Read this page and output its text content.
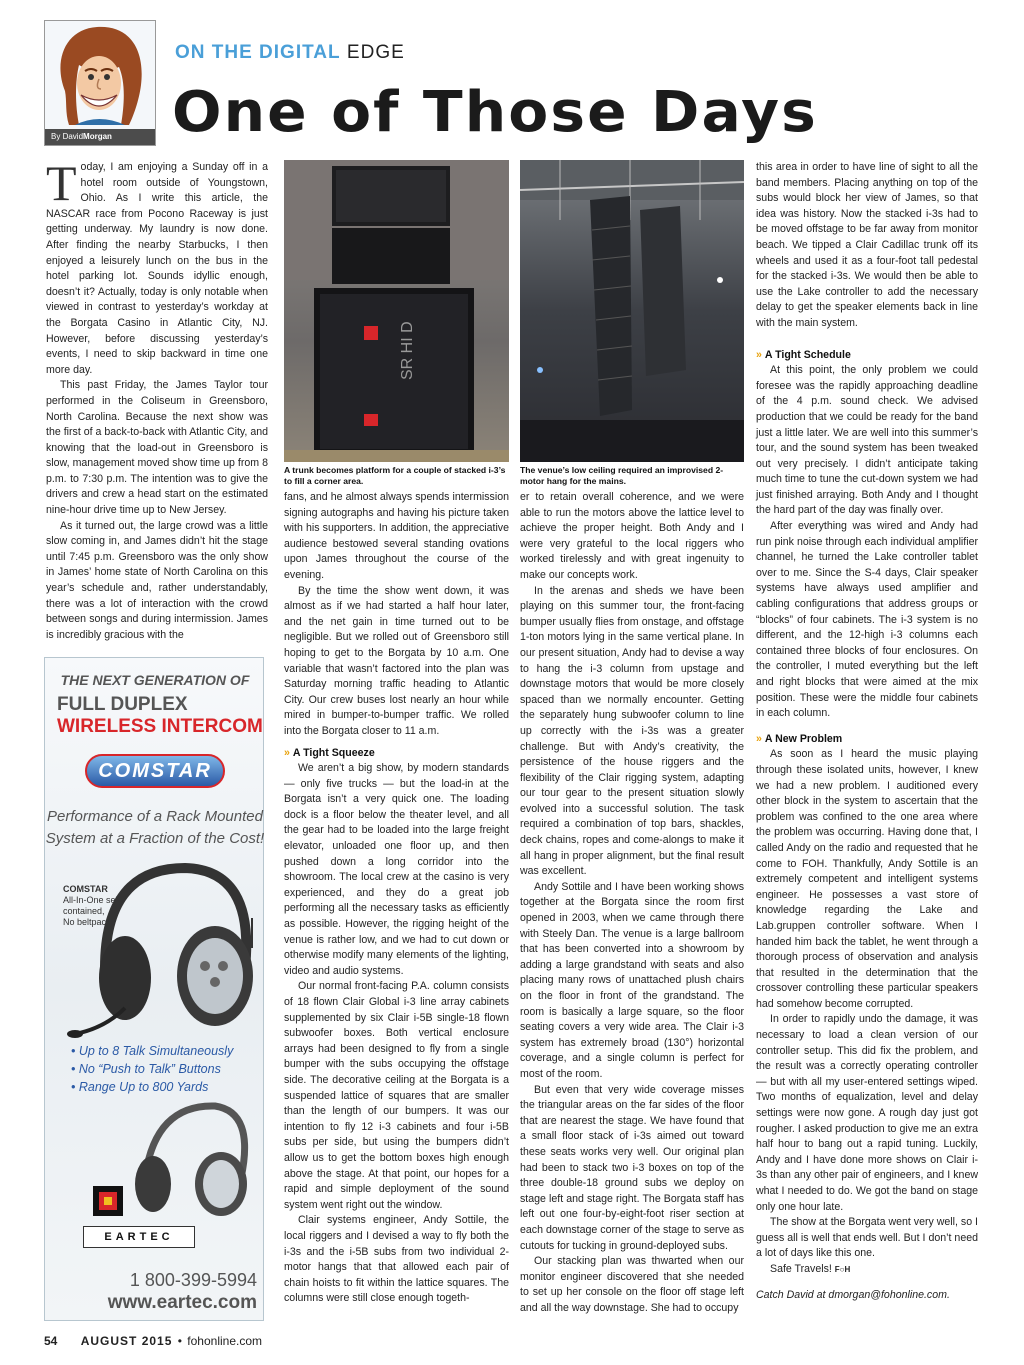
By DavidMorgan
ON THE DIGITAL EDGE
One of Those Days
T oday, I am enjoying a Sunday off in a hotel room outside of Youngstown, Ohio. As I write this article, the NASCAR race from Pocono Raceway is just getting underway. My laundry is now done. After finding the nearby Starbucks, I then enjoyed a leisurely lunch on the bus in the hotel parking lot. Sounds idyllic enough, doesn’t it? Actually, today is only notable when viewed in contrast to yesterday’s workday at the Borgata Casino in Atlantic City, NJ. However, before discussing yesterday’s events, I need to skip backward in time one more day.

This past Friday, the James Taylor tour performed in the Coliseum in Greensboro, North Carolina. Because the next show was the first of a back-to-back with Atlantic City, and knowing that the load-out in Greensboro is slow, management moved show time up from 8 p.m. to 7:30 p.m. The intention was to give the drivers and crew a head start on the estimated nine-hour drive time up to New Jersey.

As it turned out, the large crowd was a little slow coming in, and James didn’t hit the stage until 7:45 p.m. Greensboro was the only show in James’ home state of North Carolina on this year’s schedule and, rather understandably, there was a lot of interaction with the crowd between songs and during intermission. James is incredibly gracious with the

THE NEXT GENERATION OF
FULL DUPLEX
WIRELESS INTERCOM
COMSTAR
Performance of a Rack Mounted
System at a Fraction of the Cost!
COMSTAR
All-In-One self-
contained,
No beltpack!
• Up to 8 Talk Simultaneously
• No “Push to Talk” Buttons
• Range Up to 800 Yards
EARTEC
1 800-399-5994
www.eartec.com
SR HI D
A trunk becomes platform for a couple of stacked i-3’s to fill a corner area.
The venue’s low ceiling required an improvised 2-motor hang for the mains.

fans, and he almost always spends intermission signing autographs and having his picture taken with his supporters. In addition, the appreciative audience bestowed several standing ovations upon James throughout the course of the evening.

By the time the show went down, it was almost as if we had started a half hour later, and the net gain in time turned out to be negligible. But we rolled out of Greensboro still hoping to get to the Borgata by 10 a.m. One variable that wasn’t factored into the plan was Saturday morning traffic heading to Atlantic City. Our crew buses lost nearly an hour while mired in bumper-to-bumper traffic. We rolled into the Borgata closer to 11 a.m.

» A Tight Squeeze

We aren’t a big show, by modern standards — only five trucks — but the load-in at the Borgata isn’t a very quick one. The loading dock is a floor below the theater level, and all the gear had to be loaded into the large freight elevator, unloaded one floor up, and then pushed down a long corridor into the showroom. The local crew at the casino is very experienced, and they do a great job performing all the necessary tasks as efficiently as possible. However, the rigging height of the venue is rather low, and we had to cut down or otherwise modify many elements of the lighting, video and audio systems.

Our normal front-facing P.A. column consists of 18 flown Clair Global i-3 line array cabinets supplemented by six Clair i-5B single-18 flown subwoofer boxes. Both vertical enclosure arrays had been designed to fly from a single bumper with the subs occupying the offstage side. The decorative ceiling at the Borgata is a suspended lattice of squares that are smaller than the length of our bumpers. It was our intention to fly 12 i-3 cabinets and four i-5B subs per side, but using the bumpers didn’t allow us to get the bottom boxes high enough above the stage. At that point, our hopes for a rapid and simple deployment of the sound system went right out the window.

Clair systems engineer, Andy Sottile, the local riggers and I devised a way to fly both the i-3s and the i-5B subs from two individual 2-motor hangs that that allowed each pair of chain hoists to fit within the lattice squares. The columns were still close enough togeth-

er to retain overall coherence, and we were able to run the motors above the lattice level to achieve the proper height. Both Andy and I were very grateful to the local riggers who worked tirelessly and with great ingenuity to make our concepts work.

In the arenas and sheds we have been playing on this summer tour, the front-facing bumper usually flies from onstage, and offstage 1-ton motors lying in the same vertical plane. In our present situation, Andy had to devise a way to hang the i-3 column from upstage and downstage motors that would be more closely spaced than we normally encounter. Getting the separately hung subwoofer column to line up correctly with the i-3s was a greater challenge. But with Andy’s creativity, the persistence of the house riggers and the flexibility of the Clair rigging system, adapting our tour gear to the present situation slowly evolved into a successful solution. The task required a combination of top bars, shackles, deck chains, ropes and come-alongs to make it all hang in proper alignment, but the final result was excellent.

Andy Sottile and I have been working shows together at the Borgata since the room first opened in 2003, when we came through there with Steely Dan. The venue is a large ballroom that has been converted into a showroom by adding a large grandstand with seats and also placing many rows of unattached plush chairs on the floor in front of the grandstand. The room is basically a large square, so the floor seating covers a very wide area. The Clair i-3 system has extremely broad (130°) horizontal coverage, and a single column is perfect for most of the room.

But even that very wide coverage misses the triangular areas on the far sides of the floor that are nearest the stage. We have found that a small floor stack of i-3s aimed out toward these seats works very well. Our original plan had been to stack two i-3 boxes on top of the three double-18 ground subs we deploy on stage left and stage right. The Borgata staff has left out one four-by-eight-foot riser section at each downstage corner of the stage to serve as cutouts for tucking in ground-deployed subs.

Our stacking plan was thwarted when our monitor engineer discovered that she needed to set up her console on the floor off stage left and all the way downstage. She had to occupy

this area in order to have line of sight to all the band members. Placing anything on top of the subs would block her view of James, so that idea was history. Now the stacked i-3s had to be moved offstage to be far away from monitor beach. We tipped a Clair Cadillac trunk off its wheels and used it as a four-foot tall pedestal for the stacked i-3s. We would then be able to use the Lake controller to add the necessary delay to get the speaker elements back in line with the main system.

» A Tight Schedule

At this point, the only problem we could foresee was the rapidly approaching deadline of the 4 p.m. sound check. We advised production that we could be ready for the band just a little later. We are well into this summer’s tour, and the sound system has been tweaked out very precisely. I didn’t anticipate taking much time to tune the cut-down system we had just finished arraying. Both Andy and I thought the hard part of the day was finally over.

After everything was wired and Andy had run pink noise through each individual amplifier channel, he turned the Lake controller tablet over to me. Since the S-4 days, Clair speaker systems have always used amplifier and cabling configurations that address groups or “blocks” of four cabinets. The i-3 system is no different, and the 12-high i-3 columns each contained three blocks of four enclosures. On the controller, I muted everything but the left and right blocks that were aimed at the mix position. These were the middle four cabinets in each column.

» A New Problem

As soon as I heard the music playing through these isolated units, however, I knew we had a new problem. I auditioned every other block in the system to ascertain that the problem was confined to the one area where the problem was occurring. Having done that, I called Andy on the radio and requested that he come to FOH. Thankfully, Andy Sottile is an extremely competent and intelligent systems engineer. He possesses a vast store of knowledge regarding the Lake and Lab.gruppen controller software. When I handed him back the tablet, he went through a thorough process of observation and analysis that resulted in the determination that the crossover controlling these particular speakers had somehow become corrupted.

In order to rapidly undo the damage, it was necessary to load a clean version of our controller setup. This did fix the problem, and the result was a correctly operating controller — but with all my user-entered settings wiped. Two months of equalization, level and delay settings were now gone. A rough day just got rougher. I asked production to give me an extra half hour to bang out a rapid tuning. Luckily, Andy and I have done more shows on Clair i-3s than any other pair of engineers, and I knew what I needed to do. We got the band on stage only one hour late.

The show at the Borgata went very well, so I guess all is well that ends well. But I don’t need a lot of days like this one.

Safe Travels! F○H

Catch David at dmorgan@fohonline.com.

54 AUGUST 2015 • fohonline.com
